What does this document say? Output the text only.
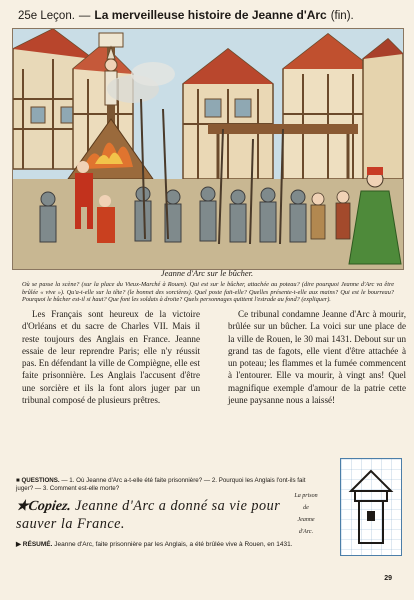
25e Leçon. — La merveilleuse histoire de Jeanne d'Arc (fin).
Jeanne d'Arc sur le bûcher.
Où se passe la scène? (sur la place du Vieux-Marché à Rouen). Qui est sur le bûcher, attachée au poteau? (dire pourquoi Jeanne d'Arc va être brûlée « vive »). Qu'a-t-elle sur la tête? (le bonnet des sorcières). Quel poste fait-elle? Quelles présente-t-elle aux mains? Qui est le bourreau? Pourquoi le bûcher est-il si haut? Que font les soldats à droite? Quels personnages quittent l'estrade au fond? (expliquer).
Les Français sont heureux de la victoire d'Orléans et du sacre de Charles VII. Mais il reste toujours des Anglais en France. Jeanne essaie de leur reprendre Paris; elle n'y réussit pas. En défendant la ville de Compiègne, elle est faite prisonnière. Les Anglais l'accusent d'être une sorcière et ils la font alors juger par un tribunal composé de plusieurs prêtres.
Ce tribunal condamne Jeanne d'Arc à mourir, brûlée sur un bûcher. La voici sur une place de la ville de Rouen, le 30 mai 1431. Debout sur un grand tas de fagots, elle vient d'être attachée à un poteau; les flammes et la fumée commencent à l'entourer. Elle va mourir, à vingt ans! Quel magnifique exemple d'amour de la patrie cette jeune paysanne nous a laissé!
■ QUESTIONS. — 1. Où Jeanne d'Arc a-t-elle été faite prisonnière? — 2. Pourquoi les Anglais l'ont-ils fait juger? — 3. Comment est-elle morte?
★Copiez. Jeanne d'Arc a donné sa vie pour sauver la France.
▶ RÉSUMÉ. Jeanne d'Arc, faite prisonnière par les Anglais, a été brûlée vive à Rouen, en 1431.
La prison
de
Jeanne
d'Arc.
29
